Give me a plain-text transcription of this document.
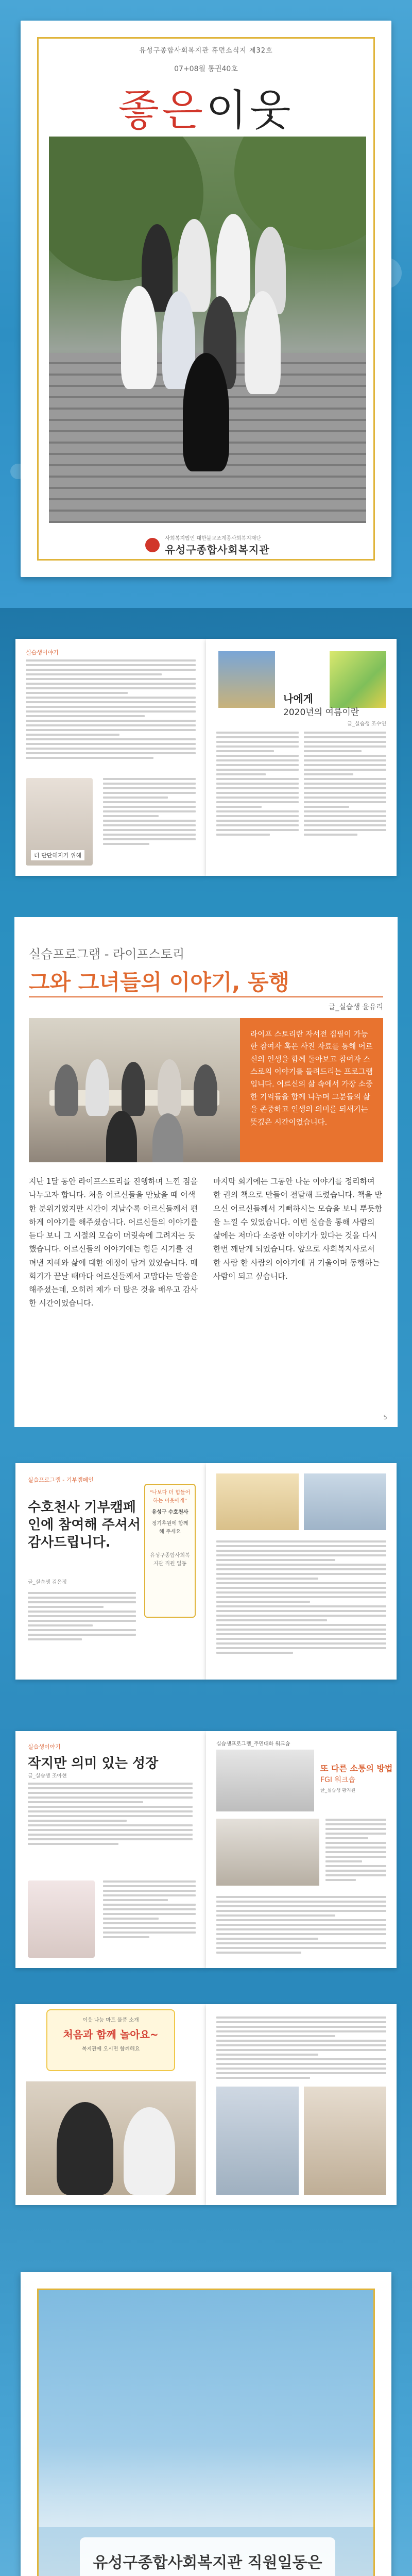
유성구종합사회복지관 휴먼소식지 제32호
07+08월 통권40호
좋은이웃
사회복지법인 대한불교조계종사회복지재단
유성구종합사회복지관
실습생이야기
더 단단해지기 위해
나에게
2020년의 여름이란
글_실습생 조수연
실습프로그램 - 라이프스토리
그와 그녀들의 이야기, 동행
글_실습생 윤유리
라이프 스토리란 자서전 집필이 가능한 참여자 혹은 사진 자료를 통해 어르신의 인생을 함께 돌아보고 참여자 스스로의 이야기를 들려드리는 프로그램입니다. 어르신의 삶 속에서 가장 소중한 기억들을 함께 나누며 그분들의 삶을 존중하고 인생의 의미를 되새기는 뜻깊은 시간이었습니다.
지난 1달 동안 라이프스토리를 진행하며 느낀 점을 나누고자 합니다. 처음 어르신들을 만났을 때 어색한 분위기였지만 시간이 지날수록 어르신들께서 편하게 이야기를 해주셨습니다. 어르신들의 이야기를 듣다 보니 그 시절의 모습이 머릿속에 그려지는 듯했습니다. 어르신들의 이야기에는 힘든 시기를 견뎌낸 지혜와 삶에 대한 애정이 담겨 있었습니다. 매 회기가 끝날 때마다 어르신들께서 고맙다는 말씀을 해주셨는데, 오히려 제가 더 많은 것을 배우고 감사한 시간이었습니다.
마지막 회기에는 그동안 나눈 이야기를 정리하여 한 권의 책으로 만들어 전달해 드렸습니다. 책을 받으신 어르신들께서 기뻐하시는 모습을 보니 뿌듯함을 느낄 수 있었습니다. 이번 실습을 통해 사람의 삶에는 저마다 소중한 이야기가 있다는 것을 다시 한번 깨닫게 되었습니다. 앞으로 사회복지사로서 한 사람 한 사람의 이야기에 귀 기울이며 동행하는 사람이 되고 싶습니다.
5
실습프로그램 - 기부캠페인
수호천사 기부캠페인에 참여해 주셔서 감사드립니다.
글_실습생 김은정
"나보다 더 힘들어하는 이웃에게"
유성구 수호천사
정기후원에 함께해 주세요
유성구종합사회복지관 직원 일동
실습생이야기
작지만 의미 있는 성장
글_실습생 조아현
실습생프로그램_주민대화 워크숍
또 다른 소통의 방법
FGI 워크숍
글_실습생 황지원
이웃 나눔 마트 물품 소개
처음과 함께 놀아요~
복지관에 오시면 함께해요
유성구종합사회복지관 직원일동은
